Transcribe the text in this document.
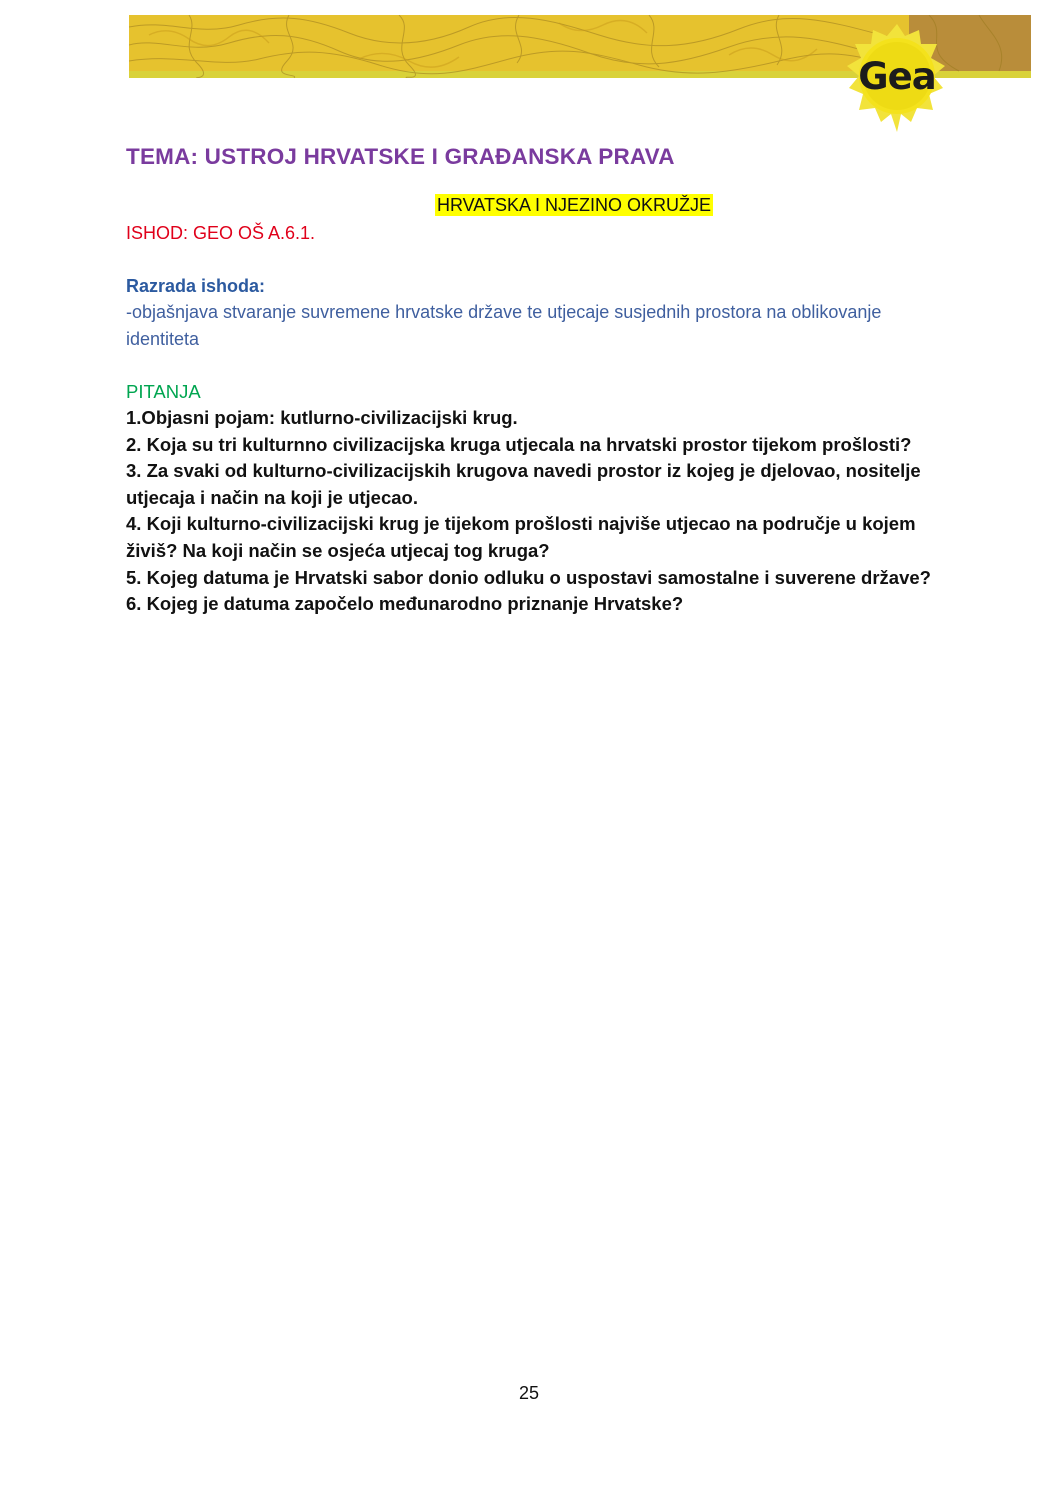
Gea
TEMA: USTROJ HRVATSKE I GRAĐANSKA PRAVA
HRVATSKA I NJEZINO OKRUŽJE

ISHOD: GEO OŠ A.6.1.

Razrada ishoda:

-objašnjava stvaranje suvremene hrvatske države te utjecaje susjednih prostora na oblikovanje identiteta

PITANJA
1.Objasni pojam: kutlurno-civilizacijski krug.
2. Koja su tri kulturnno civilizacijska kruga utjecala na hrvatski prostor tijekom prošlosti?
3. Za svaki od kulturno-civilizacijskih krugova navedi prostor iz kojeg je djelovao, nositelje utjecaja i način na koji je utjecao.
4. Koji kulturno-civilizacijski krug je tijekom prošlosti najviše utjecao na područje u kojem živiš? Na koji način se osjeća utjecaj tog kruga?
5. Kojeg datuma je Hrvatski sabor donio odluku o uspostavi samostalne i suverene države?
6. Kojeg je datuma započelo međunarodno priznanje Hrvatske?
25
